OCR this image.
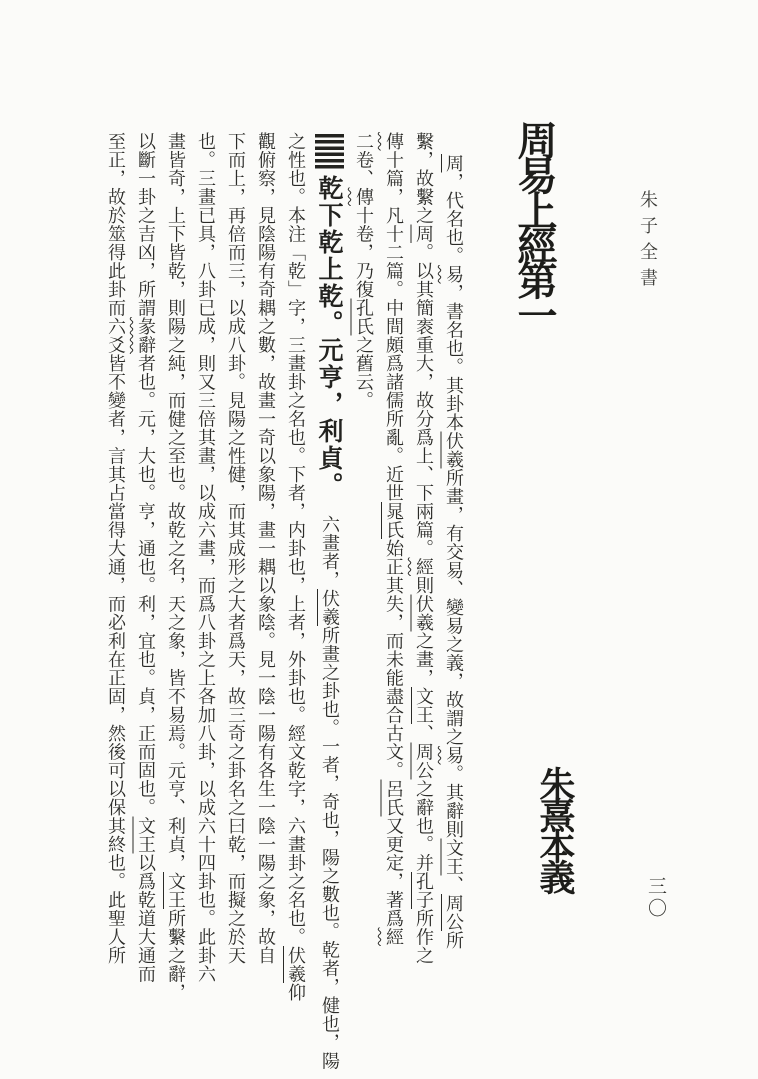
朱子全書
周易上經第一
朱熹本義
三〇
周，代名也。易，書名也。其卦本伏羲所畫，有交易、變易之義，故謂之易。其辭則文王、周公所
繫，故繫之周。以其簡袠重大，故分爲上、下兩篇。經則伏羲之畫，文王、周公之辭也。并孔子所作之
傳十篇，凡十二篇。中間頗爲諸儒所亂。近世晁氏始正其失，而未能盡合古文。呂氏又更定，著爲經
二卷、傳十卷，乃復孔氏之舊云。
乾下乾上乾。元亨，利貞。六畫者，伏羲所畫之卦也。一者，奇也，陽之數也。乾者，健也，陽
之性也。本注「乾」字，三畫卦之名也。下者，内卦也，上者，外卦也。經文乾字，六畫卦之名也。伏羲仰
觀俯察，見陰陽有奇耦之數，故畫一奇以象陽，畫一耦以象陰。見一陰一陽有各生一陰一陽之象，故自
下而上，再倍而三，以成八卦。見陽之性健，而其成形之大者爲天，故三奇之卦名之曰乾，而擬之於天
也。三畫已具，八卦已成，則又三倍其畫，以成六畫，而爲八卦之上各加八卦，以成六十四卦也。此卦六
畫皆奇，上下皆乾，則陽之純，而健之至也。故乾之名，天之象，皆不易焉。元亨、利貞，文王所繫之辭，
以斷一卦之吉凶，所謂彖辭者也。元，大也。亨，通也。利，宜也。貞，正而固也。文王以爲乾道大通而
至正，故於筮得此卦而六爻皆不變者，言其占當得大通，而必利在正固，然後可以保其終也。此聖人所
